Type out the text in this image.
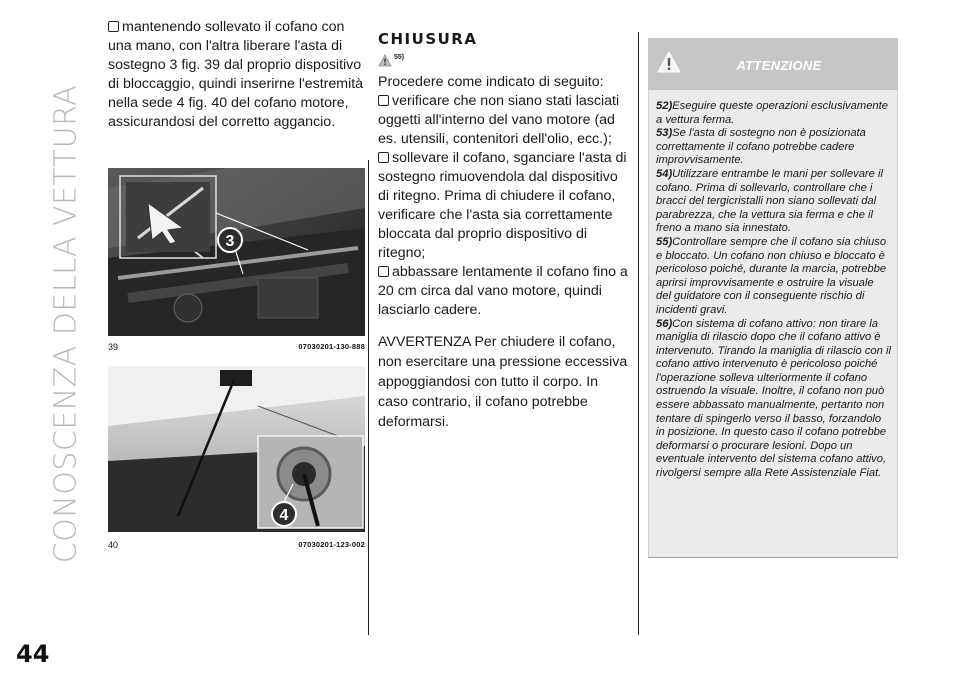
CONOSCENZA DELLA VETTURA
44

mantenendo sollevato il cofano con una mano, con l'altra liberare l'asta di sostegno 3 fig. 39 dal proprio dispositivo di bloccaggio, quindi inserirne l'estremità nella sede 4 fig. 40 del cofano motore, assicurandosi del corretto aggancio.

3
39	07030201-130-888
4
40	07030201-123-002
CHIUSURA
55)

Procedere come indicato di seguito:

verificare che non siano stati lasciati oggetti all'interno del vano motore (ad es. utensili, contenitori dell'olio, ecc.);

sollevare il cofano, sganciare l'asta di sostegno rimuovendola dal dispositivo di ritegno. Prima di chiudere il cofano, verificare che l'asta sia correttamente bloccata dal proprio dispositivo di ritegno;

abbassare lentamente il cofano fino a 20 cm circa dal vano motore, quindi lasciarlo cadere.

AVVERTENZA Per chiudere il cofano, non esercitare una pressione eccessiva appoggiandosi con tutto il corpo. In caso contrario, il cofano potrebbe deformarsi.

ATTENZIONE

52)Eseguire queste operazioni esclusivamente a vettura ferma.

53)Se l'asta di sostegno non è posizionata correttamente il cofano potrebbe cadere improvvisamente.

54)Utilizzare entrambe le mani per sollevare il cofano. Prima di sollevarlo, controllare che i bracci del tergicristalli non siano sollevati dal parabrezza, che la vettura sia ferma e che il freno a mano sia innestato.

55)Controllare sempre che il cofano sia chiuso e bloccato. Un cofano non chiuso e bloccato è pericoloso poiché, durante la marcia, potrebbe aprirsi improvvisamente e ostruire la visuale del guidatore con il conseguente rischio di incidenti gravi.

56)Con sistema di cofano attivo: non tirare la maniglia di rilascio dopo che il cofano attivo è intervenuto. Tirando la maniglia di rilascio con il cofano attivo intervenuto è pericoloso poiché l'operazione solleva ulteriormente il cofano ostruendo la visuale. Inoltre, il cofano non può essere abbassato manualmente, pertanto non tentare di spingerlo verso il basso, forzandolo in posizione. In questo caso il cofano potrebbe deformarsi o procurare lesioni. Dopo un eventuale intervento del sistema cofano attivo, rivolgersi sempre alla Rete Assistenziale Fiat.
